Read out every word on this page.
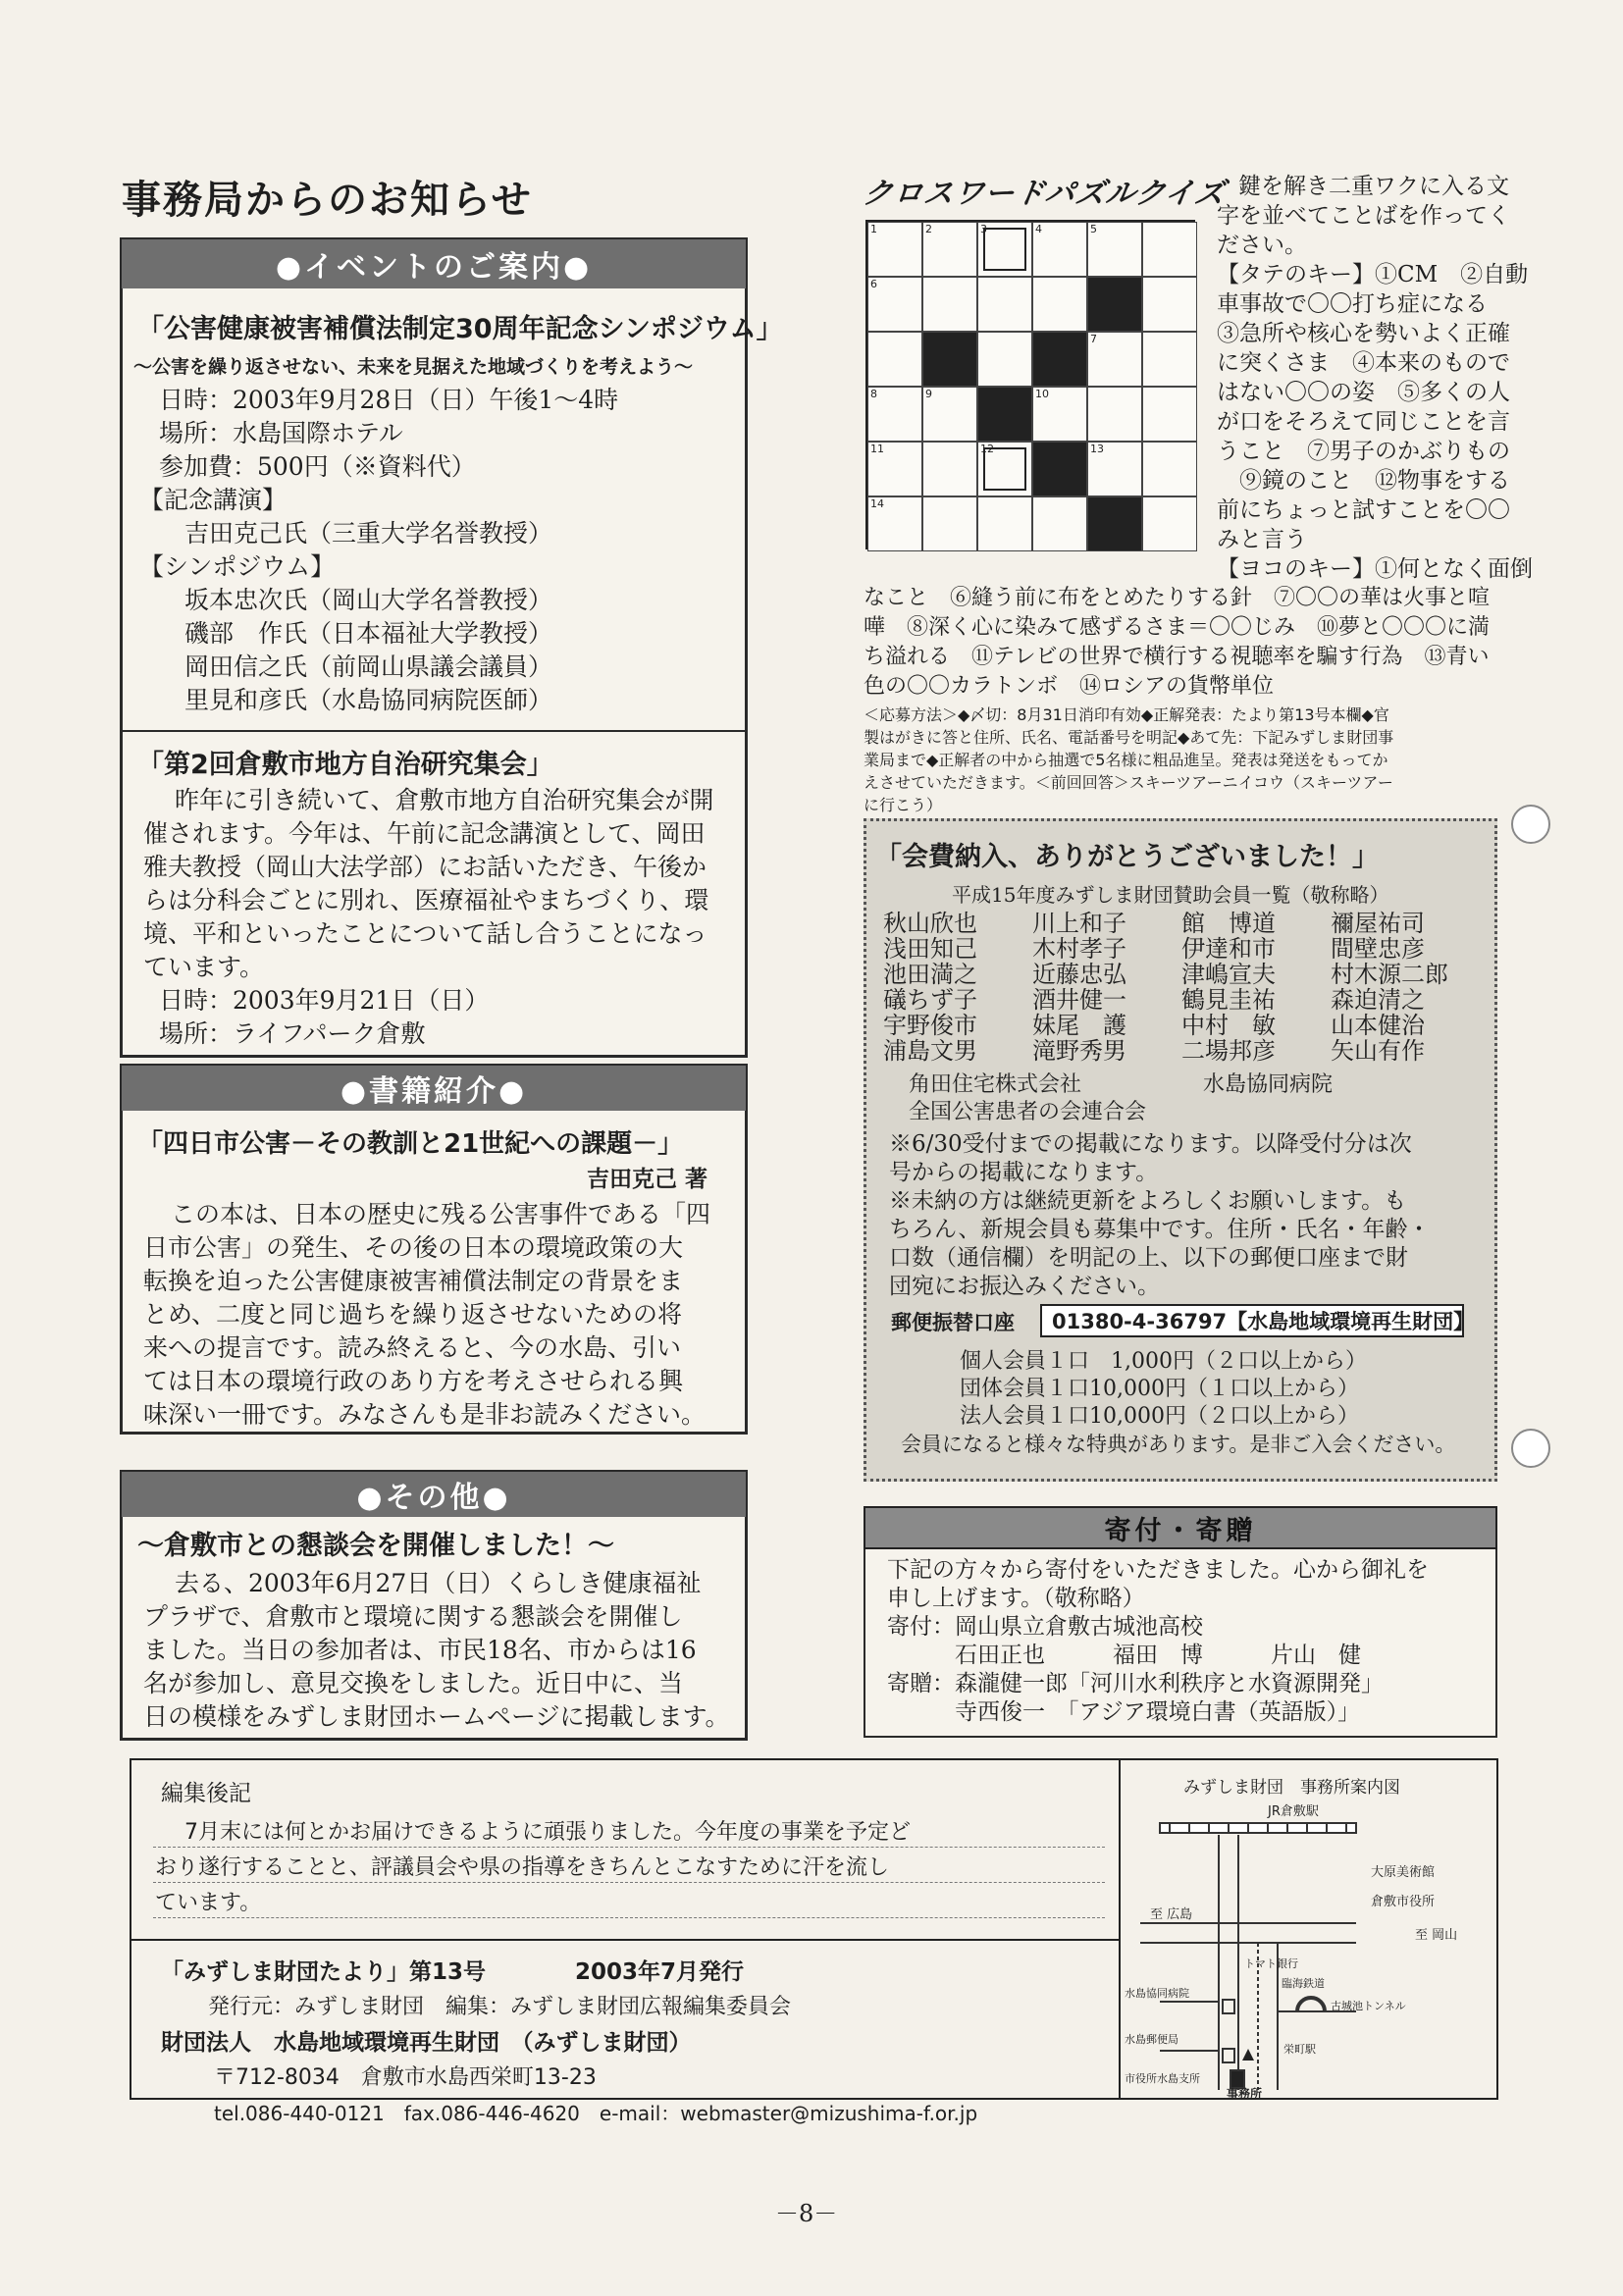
事務局からのお知らせ
●イベントのご案内●
「公害健康被害補償法制定30周年記念シンポジウム」
〜公害を繰り返させない、未来を見据えた地域づくりを考えよう〜
日時：2003年9月28日（日）午後1〜4時
場所：水島国際ホテル
参加費：500円（※資料代）
【記念講演】
吉田克己氏（三重大学名誉教授）
【シンポジウム】
坂本忠次氏（岡山大学名誉教授）
磯部　作氏（日本福祉大学教授）
岡田信之氏（前岡山県議会議員）
里見和彦氏（水島協同病院医師）
「第2回倉敷市地方自治研究集会」
昨年に引き続いて、倉敷市地方自治研究集会が開
催されます。今年は、午前に記念講演として、岡田
雅夫教授（岡山大法学部）にお話いただき、午後か
らは分科会ごとに別れ、医療福祉やまちづくり、環
境、平和といったことについて話し合うことになっ
ています。
日時：2003年9月21日（日）
場所：ライフパーク倉敷
●書籍紹介●
「四日市公害－その教訓と21世紀への課題－」
吉田克己 著
この本は、日本の歴史に残る公害事件である「四
日市公害」の発生、その後の日本の環境政策の大
転換を迫った公害健康被害補償法制定の背景をま
とめ、二度と同じ過ちを繰り返させないための将
来への提言です。読み終えると、今の水島、引い
ては日本の環境行政のあり方を考えさせられる興
味深い一冊です。みなさんも是非お読みください。
●その他●
〜倉敷市との懇談会を開催しました！〜
去る、2003年6月27日（日）くらしき健康福祉
プラザで、倉敷市と環境に関する懇談会を開催し
ました。当日の参加者は、市民18名、市からは16
名が参加し、意見交換をしました。近日中に、当
日の模様をみずしま財団ホームページに掲載します。
クロスワードパズルクイズ
1	2	3	4	5
6
7
8	9	10
11	12	13
14
鍵を解き二重ワクに入る文
字を並べてことばを作ってく
ださい。
【タテのキー】①CM　②自動
車事故で〇〇打ち症になる
③急所や核心を勢いよく正確
に突くさま　④本来のもので
はない〇〇の姿　⑤多くの人
が口をそろえて同じことを言
うこと　⑦男子のかぶりもの
　⑨鏡のこと　⑫物事をする
前にちょっと試すことを〇〇
みと言う
【ヨコのキー】①何となく面倒
なこと　⑥縫う前に布をとめたりする針　⑦〇〇の華は火事と喧
嘩　⑧深く心に染みて感ずるさま＝〇〇じみ　⑩夢と〇〇〇に満
ち溢れる　⑪テレビの世界で横行する視聴率を騙す行為　⑬青い
色の〇〇カラトンボ　⑭ロシアの貨幣単位
＜応募方法＞◆〆切：8月31日消印有効◆正解発表：たより第13号本欄◆官
製はがきに答と住所、氏名、電話番号を明記◆あて先：下記みずしま財団事
業局まで◆正解者の中から抽選で5名様に粗品進呈。発表は発送をもってか
えさせていただきます。＜前回回答＞スキーツアーニイコウ（スキーツアー
に行こう）
「会費納入、ありがとうございました！」
平成15年度みずしま財団賛助会員一覧（敬称略）
秋山欣也	川上和子	館　博道	禰屋祐司
浅田知己	木村孝子	伊達和市	間壁忠彦
池田満之	近藤忠弘	津嶋宣夫	村木源二郎
礒ちず子	酒井健一	鶴見圭祐	森迫清之
宇野俊市	妹尾　護	中村　敏	山本健治
浦島文男	滝野秀男	二場邦彦	矢山有作
角田住宅株式会社
全国公害患者の会連合会
水島協同病院
※6/30受付までの掲載になります。以降受付分は次
号からの掲載になります。
※未納の方は継続更新をよろしくお願いします。も
ちろん、新規会員も募集中です。住所・氏名・年齢・
口数（通信欄）を明記の上、以下の郵便口座まで財
団宛にお振込みください。
郵便振替口座	01380-4-36797【水島地域環境再生財団】
個人会員１口　1,000円（２口以上から）
団体会員１口10,000円（１口以上から）
法人会員１口10,000円（２口以上から）
会員になると様々な特典があります。是非ご入会ください。
寄付・寄贈
下記の方々から寄付をいただきました。心から御礼を
申し上げます。（敬称略）
寄付：岡山県立倉敷古城池高校
　　　石田正也　　　福田　博　　　片山　健
寄贈：森瀧健一郎「河川水利秩序と水資源開発」
　　　寺西俊一　「アジア環境白書（英語版）」
編集後記
7月末には何とかお届けできるように頑張りました。今年度の事業を予定ど
おり遂行することと、評議員会や県の指導をきちんとこなすために汗を流し
ています。
「みずしま財団たより」第13号	2003年7月発行
発行元：みずしま財団　編集：みずしま財団広報編集委員会
財団法人　水島地域環境再生財団　（みずしま財団）
〒712-8034　倉敷市水島西栄町13-23
tel.086-440-0121　fax.086-446-4620　e-mail：webmaster@mizushima-f.or.jp
みずしま財団　事務所案内図
JR倉敷駅
大原美術館
倉敷市役所
至 広島
至 岡山
トマト銀行
臨海鉄道
水島協同病院
水島郵便局
市役所水島支所
古城池トンネル
栄町駅
事務所
－8－
